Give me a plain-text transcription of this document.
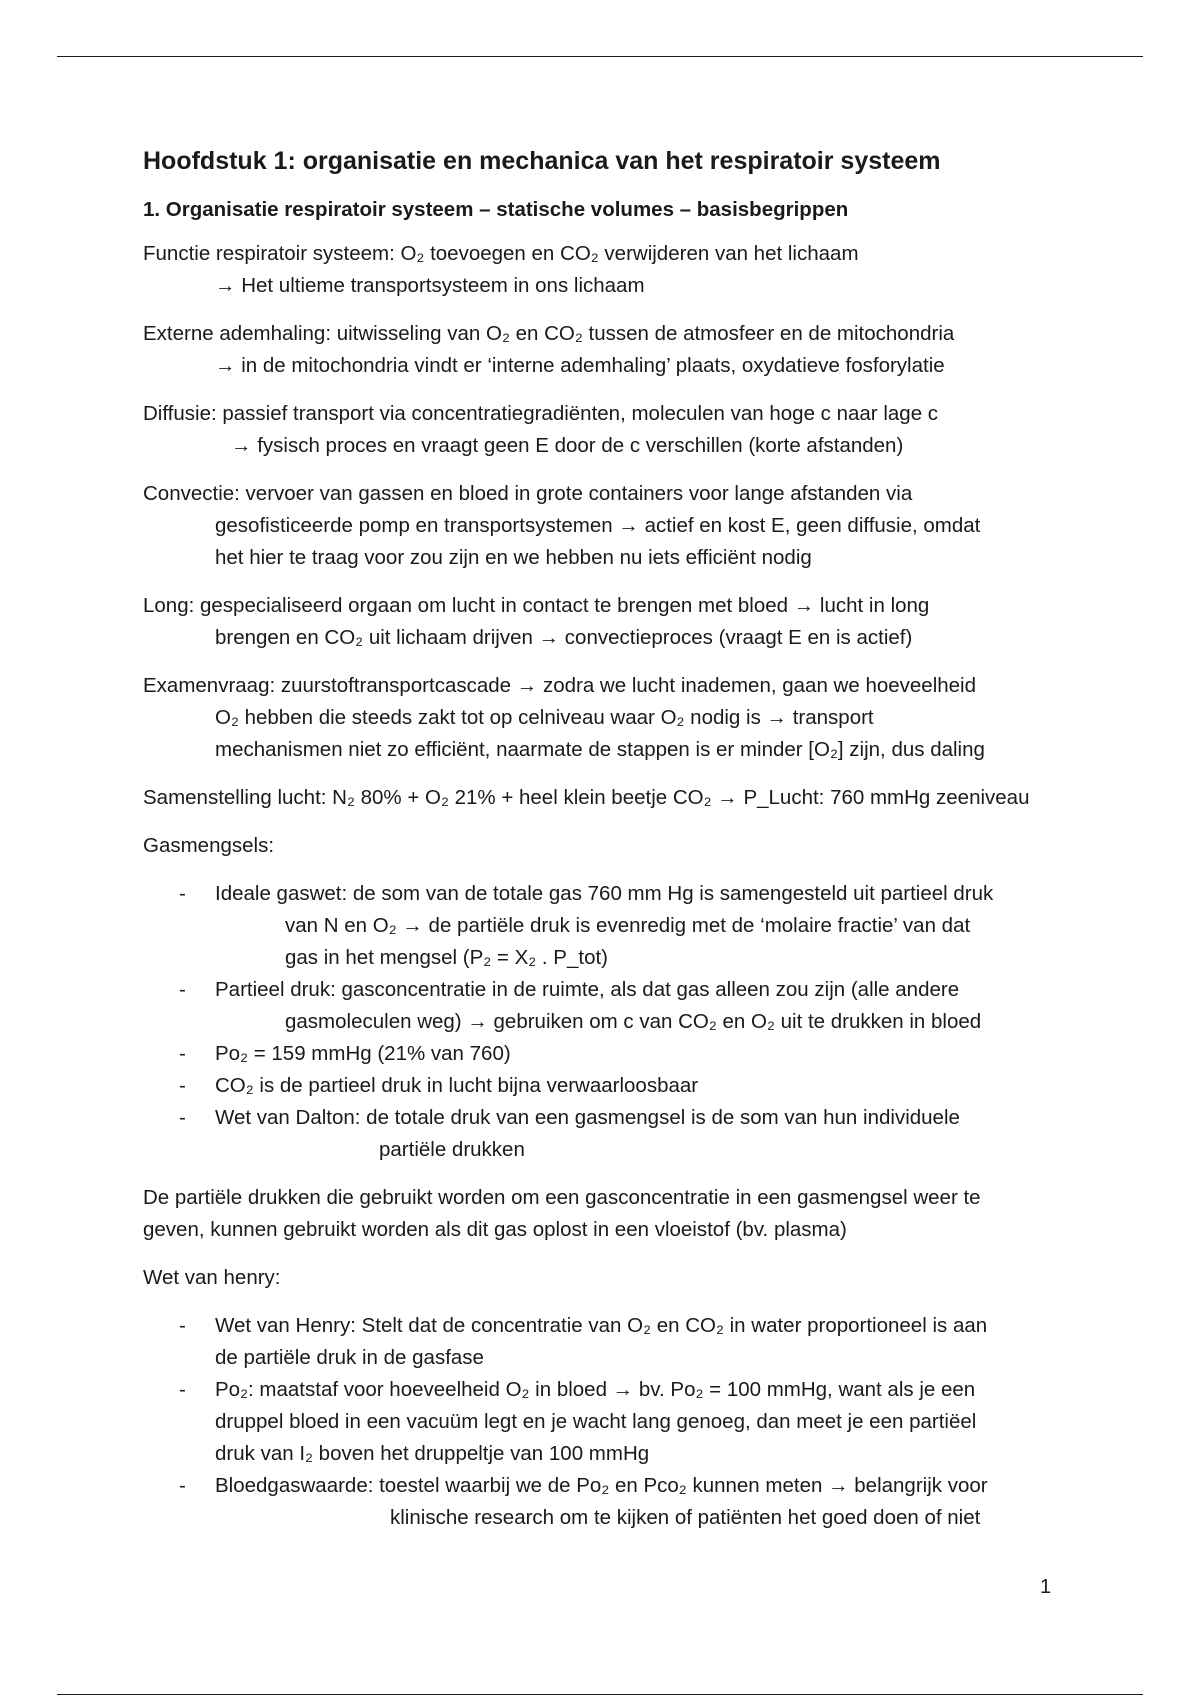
Hoofdstuk 1: organisatie en mechanica van het respiratoir systeem
1. Organisatie respiratoir systeem – statische volumes – basisbegrippen
Functie respiratoir systeem: O₂ toevoegen en CO₂ verwijderen van het lichaam
→ Het ultieme transportsysteem in ons lichaam
Externe ademhaling: uitwisseling van O₂ en CO₂ tussen de atmosfeer en de mitochondria
→ in de mitochondria vindt er ‘interne ademhaling’ plaats, oxydatieve fosforylatie
Diffusie: passief transport via concentratiegradiënten, moleculen van hoge c naar lage c
→ fysisch proces en vraagt geen E door de c verschillen (korte afstanden)
Convectie: vervoer van gassen en bloed in grote containers voor lange afstanden via
gesofisticeerde pomp en transportsystemen → actief en kost E, geen diffusie, omdat
het hier te traag voor zou zijn en we hebben nu iets efficiënt nodig
Long: gespecialiseerd orgaan om lucht in contact te brengen met bloed → lucht in long
brengen en CO₂ uit lichaam drijven → convectieproces (vraagt E en is actief)
Examenvraag: zuurstoftransportcascade → zodra we lucht inademen, gaan we hoeveelheid
O₂ hebben die steeds zakt tot op celniveau waar O₂ nodig is → transport
mechanismen niet zo efficiënt, naarmate de stappen is er minder [O₂] zijn, dus daling
Samenstelling lucht: N₂ 80% + O₂ 21% + heel klein beetje CO₂ → P_Lucht: 760 mmHg zeeniveau
Gasmengsels:
- Ideale gaswet: de som van de totale gas 760 mm Hg is samengesteld uit partieel druk
van N en O₂ → de partiële druk is evenredig met de ‘molaire fractie’ van dat
gas in het mengsel (P₂ = X₂ . P_tot)
- Partieel druk: gasconcentratie in de ruimte, als dat gas alleen zou zijn (alle andere
gasmoleculen weg) → gebruiken om c van CO₂ en O₂ uit te drukken in bloed
- Po₂ = 159 mmHg (21% van 760)
- CO₂ is de partieel druk in lucht bijna verwaarloosbaar
- Wet van Dalton: de totale druk van een gasmengsel is de som van hun individuele
partiële drukken
De partiële drukken die gebruikt worden om een gasconcentratie in een gasmengsel weer te
geven, kunnen gebruikt worden als dit gas oplost in een vloeistof (bv. plasma)
Wet van henry:
- Wet van Henry: Stelt dat de concentratie van O₂ en CO₂ in water proportioneel is aan
de partiële druk in de gasfase
- Po₂: maatstaf voor hoeveelheid O₂ in bloed → bv. Po₂ = 100 mmHg, want als je een
druppel bloed in een vacuüm legt en je wacht lang genoeg, dan meet je een partiëel
druk van I₂ boven het druppeltje van 100 mmHg
- Bloedgaswaarde: toestel waarbij we de Po₂ en Pco₂ kunnen meten → belangrijk voor
klinische research om te kijken of patiënten het goed doen of niet
1
